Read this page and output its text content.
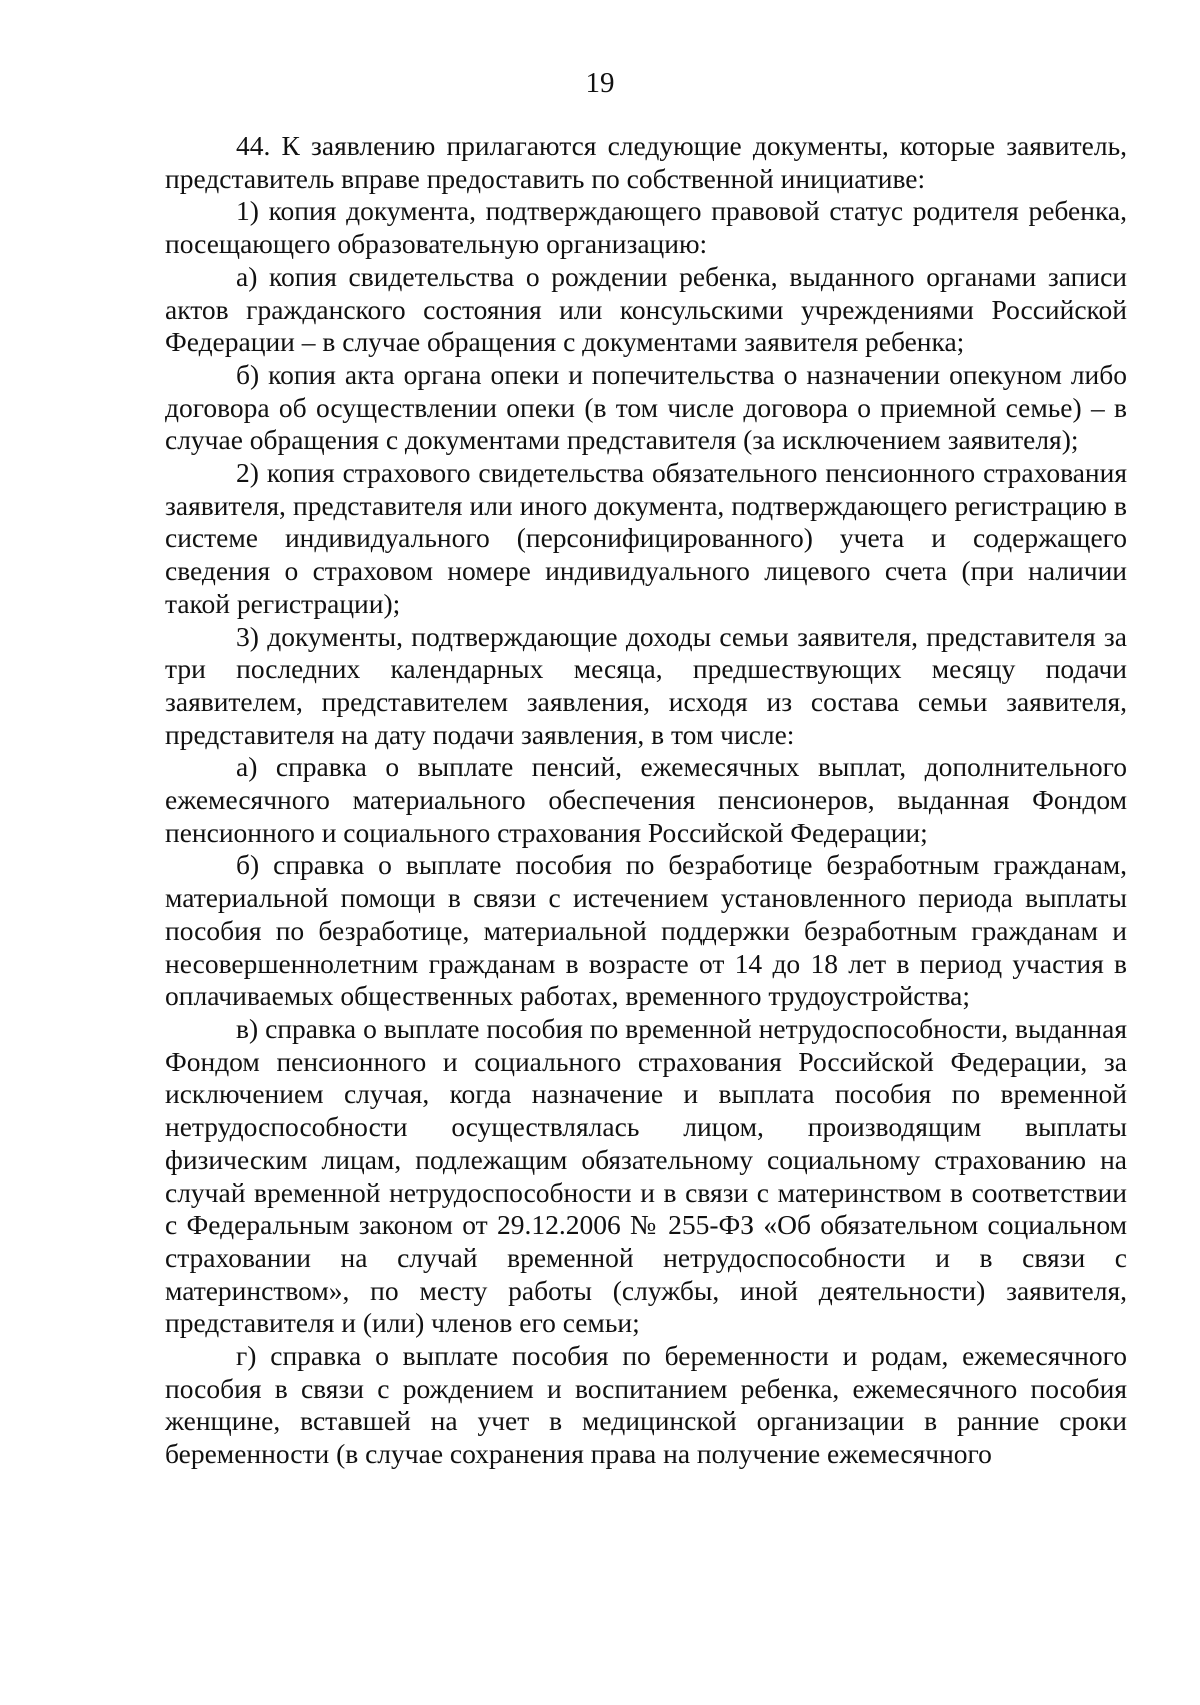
19

44. К заявлению прилагаются следующие документы, которые заявитель, представитель вправе предоставить по собственной инициативе:

1) копия документа, подтверждающего правовой статус родителя ребенка, посещающего образовательную организацию:

а) копия свидетельства о рождении ребенка, выданного органами записи актов гражданского состояния или консульскими учреждениями Российской Федерации – в случае обращения с документами заявителя ребенка;

б) копия акта органа опеки и попечительства о назначении опекуном либо договора об осуществлении опеки (в том числе договора о приемной семье) – в случае обращения с документами представителя (за исключением заявителя);

2) копия страхового свидетельства обязательного пенсионного страхования заявителя, представителя или иного документа, подтверждающего регистрацию в системе индивидуального (персонифицированного) учета и содержащего сведения о страховом номере индивидуального лицевого счета (при наличии такой регистрации);

3) документы, подтверждающие доходы семьи заявителя, представителя за три последних календарных месяца, предшествующих месяцу подачи заявителем, представителем заявления, исходя из состава семьи заявителя, представителя на дату подачи заявления, в том числе:

а) справка о выплате пенсий, ежемесячных выплат, дополнительного ежемесячного материального обеспечения пенсионеров, выданная Фондом пенсионного и социального страхования Российской Федерации;

б) справка о выплате пособия по безработице безработным гражданам, материальной помощи в связи с истечением установленного периода выплаты пособия по безработице, материальной поддержки безработным гражданам и несовершеннолетним гражданам в возрасте от 14 до 18 лет в период участия в оплачиваемых общественных работах, временного трудоустройства;

в) справка о выплате пособия по временной нетрудоспособности, выданная Фондом пенсионного и социального страхования Российской Федерации, за исключением случая, когда назначение и выплата пособия по временной нетрудоспособности осуществлялась лицом, производящим выплаты физическим лицам, подлежащим обязательному социальному страхованию на случай временной нетрудоспособности и в связи с материнством в соответствии с Федеральным законом от 29.12.2006 № 255-ФЗ «Об обязательном социальном страховании на случай временной нетрудоспособности и в связи с материнством», по месту работы (службы, иной деятельности) заявителя, представителя и (или) членов его семьи;

г) справка о выплате пособия по беременности и родам, ежемесячного пособия в связи с рождением и воспитанием ребенка, ежемесячного пособия женщине, вставшей на учет в медицинской организации в ранние сроки беременности (в случае сохранения права на получение ежемесячного
